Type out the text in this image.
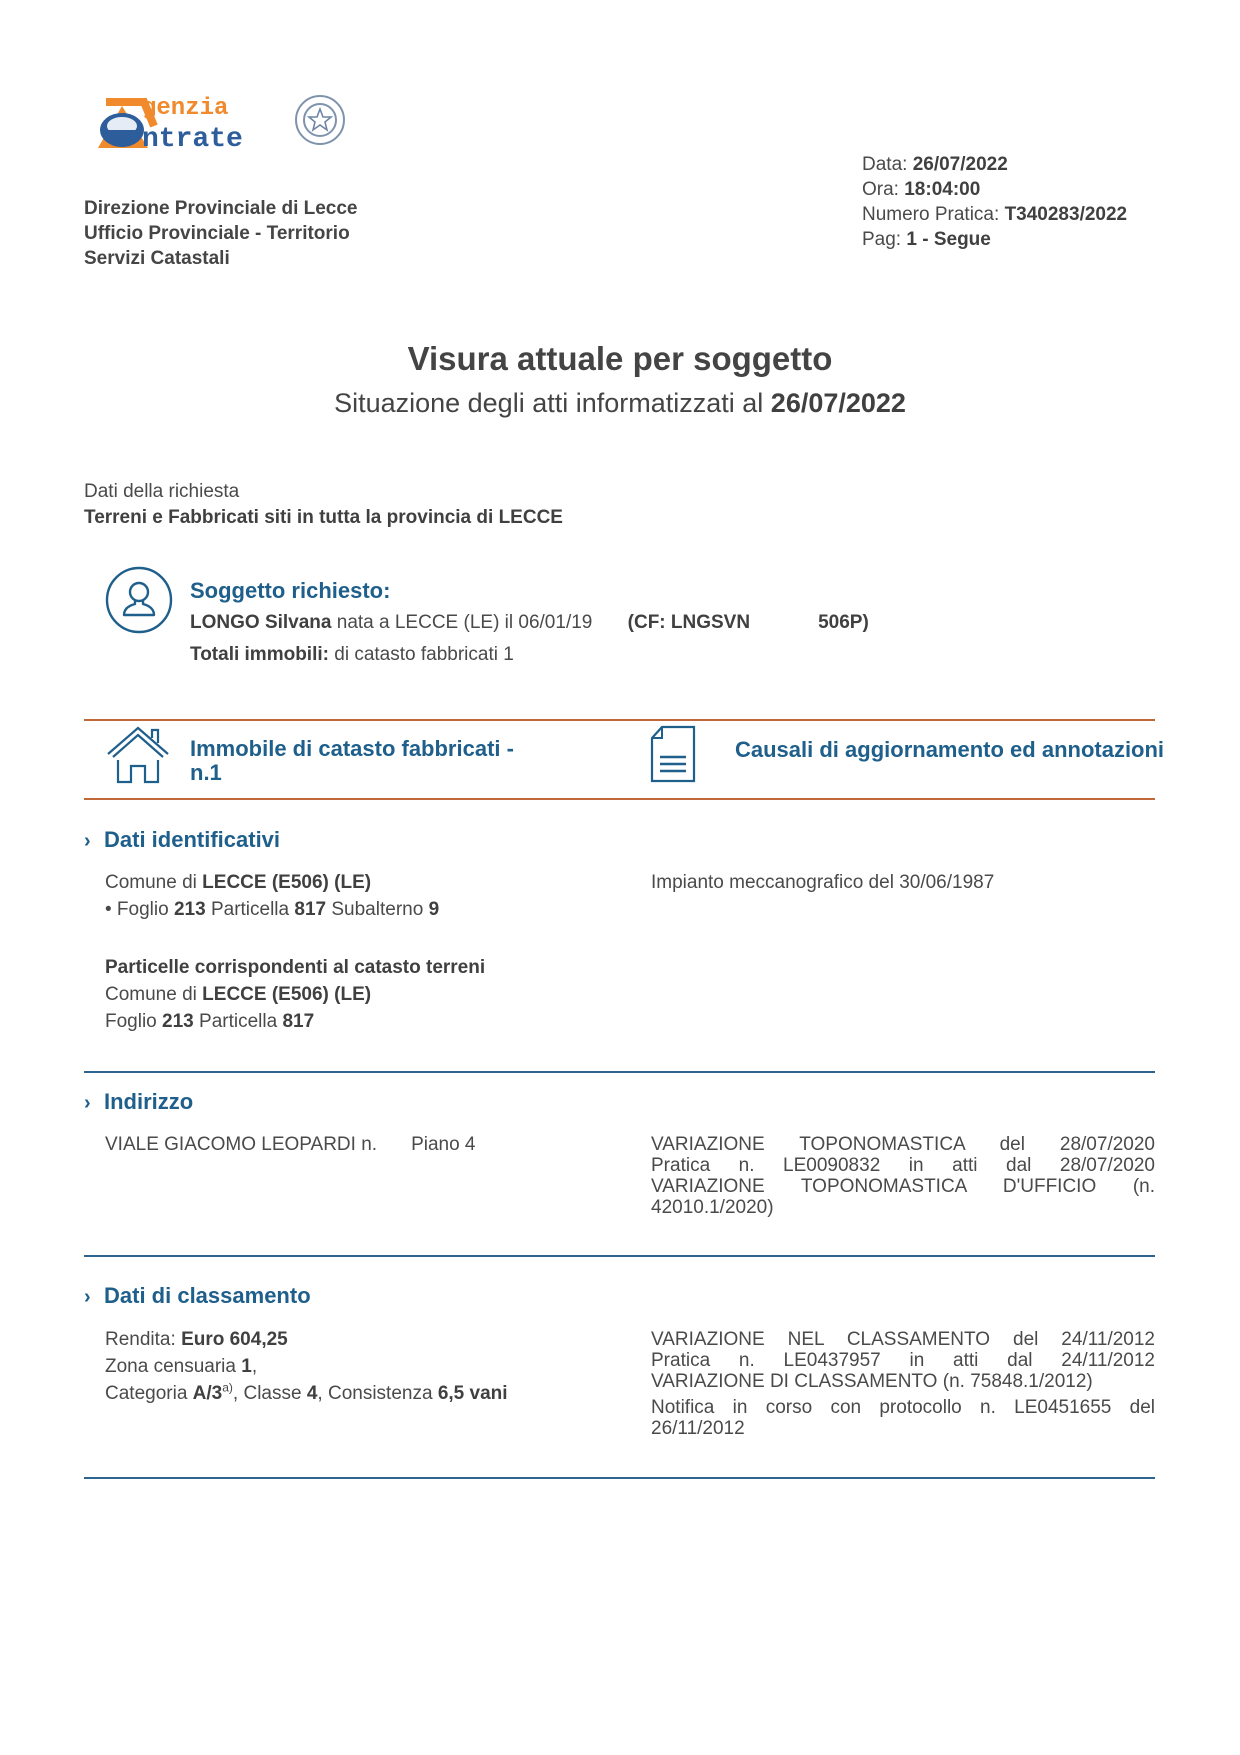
genzia
ntrate
Direzione Provinciale di Lecce
Ufficio Provinciale - Territorio
Servizi Catastali
Data: 26/07/2022
Ora: 18:04:00
Numero Pratica: T340283/2022
Pag: 1 - Segue
Visura attuale per soggetto
Situazione degli atti informatizzati al 26/07/2022
Dati della richiesta
Terreni e Fabbricati siti in tutta la provincia di LECCE
Soggetto richiesto:
LONGO Silvana nata a LECCE (LE) il 06/01/19 (CF: LNGSVN	506P)
Totali immobili: di catasto fabbricati 1
Immobile di catasto fabbricati -
n.1
Causali di aggiornamento ed annotazioni
› Dati identificativi
Comune di LECCE (E506) (LE)
• Foglio 213 Particella 817 Subalterno 9
Impianto meccanografico del 30/06/1987
Particelle corrispondenti al catasto terreni
Comune di LECCE (E506) (LE)
Foglio 213 Particella 817
› Indirizzo
VIALE GIACOMO LEOPARDI n. Piano 4	VARIAZIONE TOPONOMASTICA del 28/07/2020
Pratica n. LE0090832 in atti dal 28/07/2020
VARIAZIONE TOPONOMASTICA D'UFFICIO (n.
42010.1/2020)
› Dati di classamento
Rendita: Euro 604,25
Zona censuaria 1,
Categoria A/3$^{a)}$, Classe 4, Consistenza 6,5 vani
VARIAZIONE NEL CLASSAMENTO del 24/11/2012
Pratica n. LE0437957 in atti dal 24/11/2012
VARIAZIONE DI CLASSAMENTO (n. 75848.1/2012)
Notifica in corso con protocollo n. LE0451655 del
26/11/2012
